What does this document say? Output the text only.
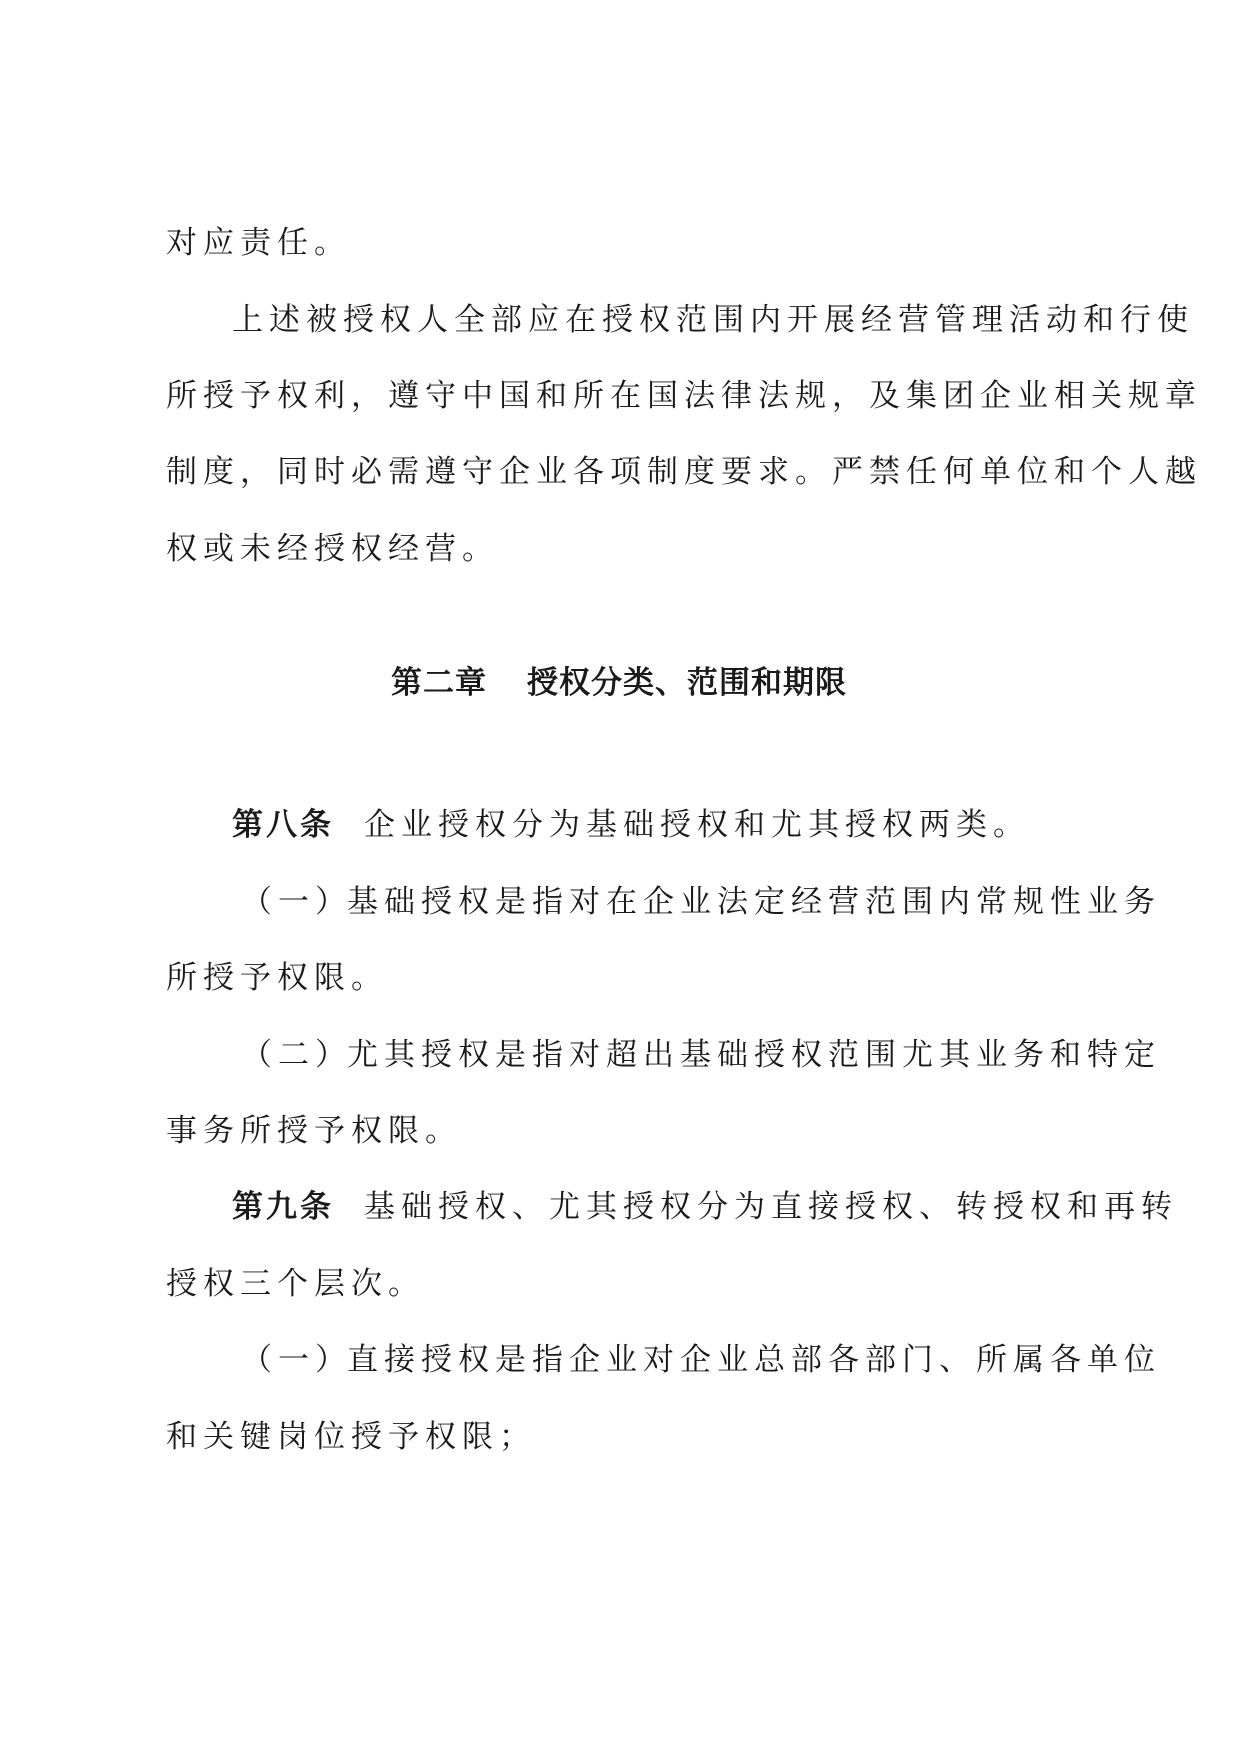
对应责任。
上述被授权人全部应在授权范围内开展经营管理活动和行使
所授予权利，遵守中国和所在国法律法规，及集团企业相关规章
制度，同时必需遵守企业各项制度要求。严禁任何单位和个人越
权或未经授权经营。
第二章 授权分类、范围和期限
第八条 企业授权分为基础授权和尤其授权两类。
（一）
基础授权是指对在企业法定经营范围内常规性业务
所授予权限。
（二）
尤其授权是指对超出基础授权范围尤其业务和特定
事务所授予权限。
第九条 基础授权、尤其授权分为直接授权、转授权和再转
授权三个层次。
（一）
直接授权是指企业对企业总部各部门、所属各单位
和关键岗位授予权限；
